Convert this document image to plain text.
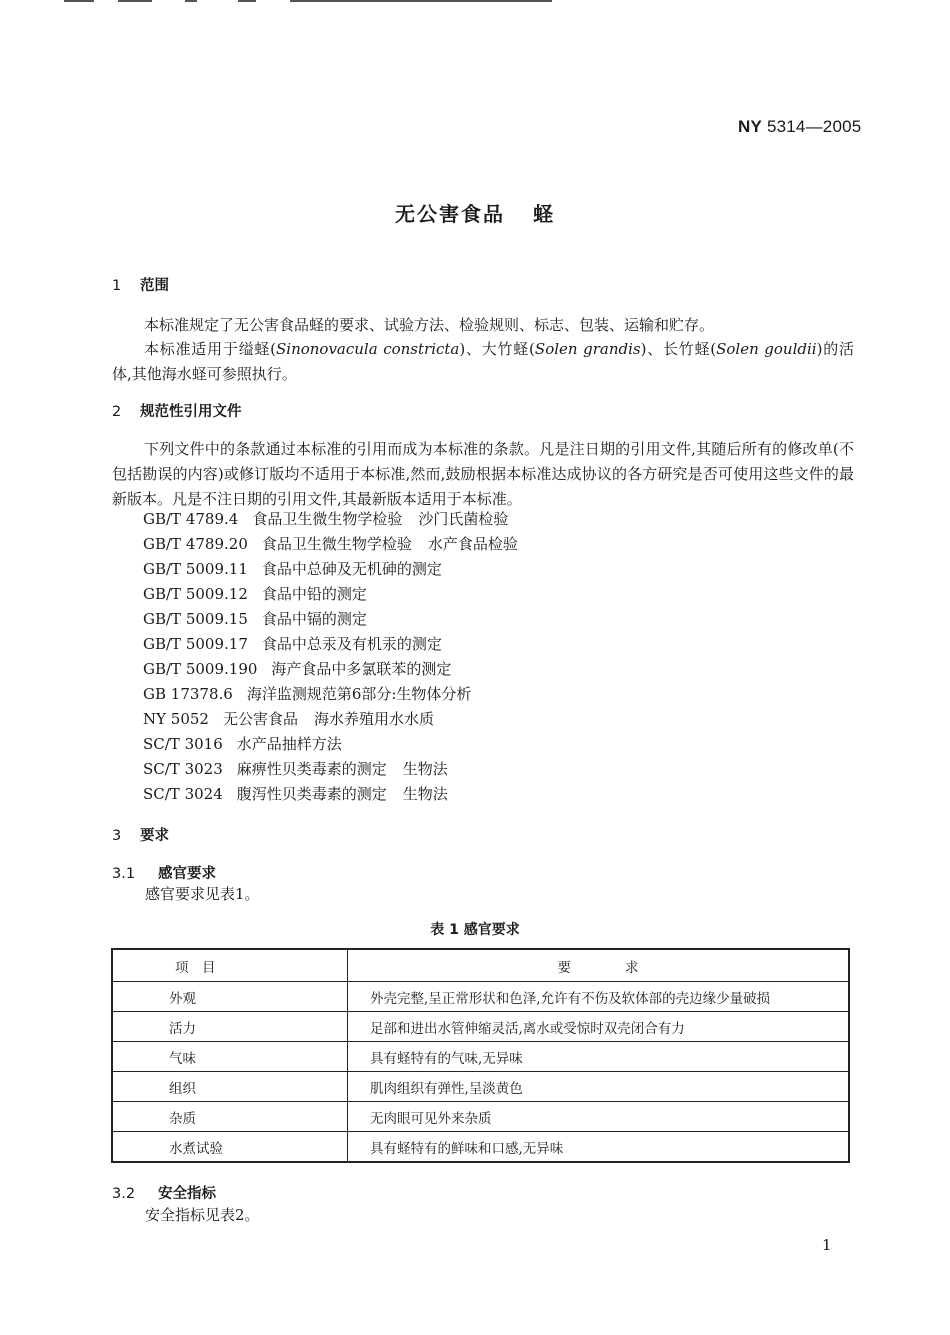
NY 5314—2005
无公害食品 蛏
1 范围
本标准规定了无公害食品蛏的要求、试验方法、检验规则、标志、包装、运输和贮存。
本标准适用于缢蛏(Sinonovacula constricta)、大竹蛏(Solen grandis)、长竹蛏(Solen gouldii)的活体,其他海水蛏可参照执行。
2 规范性引用文件
下列文件中的条款通过本标准的引用而成为本标准的条款。凡是注日期的引用文件,其随后所有的修改单(不包括勘误的内容)或修订版均不适用于本标准,然而,鼓励根据本标准达成协议的各方研究是否可使用这些文件的最新版本。凡是不注日期的引用文件,其最新版本适用于本标准。
GB/T 4789.4 食品卫生微生物学检验 沙门氏菌检验
GB/T 4789.20 食品卫生微生物学检验 水产食品检验
GB/T 5009.11 食品中总砷及无机砷的测定
GB/T 5009.12 食品中铅的测定
GB/T 5009.15 食品中镉的测定
GB/T 5009.17 食品中总汞及有机汞的测定
GB/T 5009.190 海产食品中多氯联苯的测定
GB 17378.6 海洋监测规范第6部分:生物体分析
NY 5052 无公害食品 海水养殖用水水质
SC/T 3016 水产品抽样方法
SC/T 3023 麻痹性贝类毒素的测定 生物法
SC/T 3024 腹泻性贝类毒素的测定 生物法
3 要求
3.1 感官要求
感官要求见表1。
表 1 感官要求
项　目	要　　　　求
外观	外壳完整,呈正常形状和色泽,允许有不伤及软体部的壳边缘少量破损
活力	足部和进出水管伸缩灵活,离水或受惊时双壳闭合有力
气味	具有蛏特有的气味,无异味
组织	肌肉组织有弹性,呈淡黄色
杂质	无肉眼可见外来杂质
水煮试验	具有蛏特有的鲜味和口感,无异味
3.2 安全指标
安全指标见表2。
1
